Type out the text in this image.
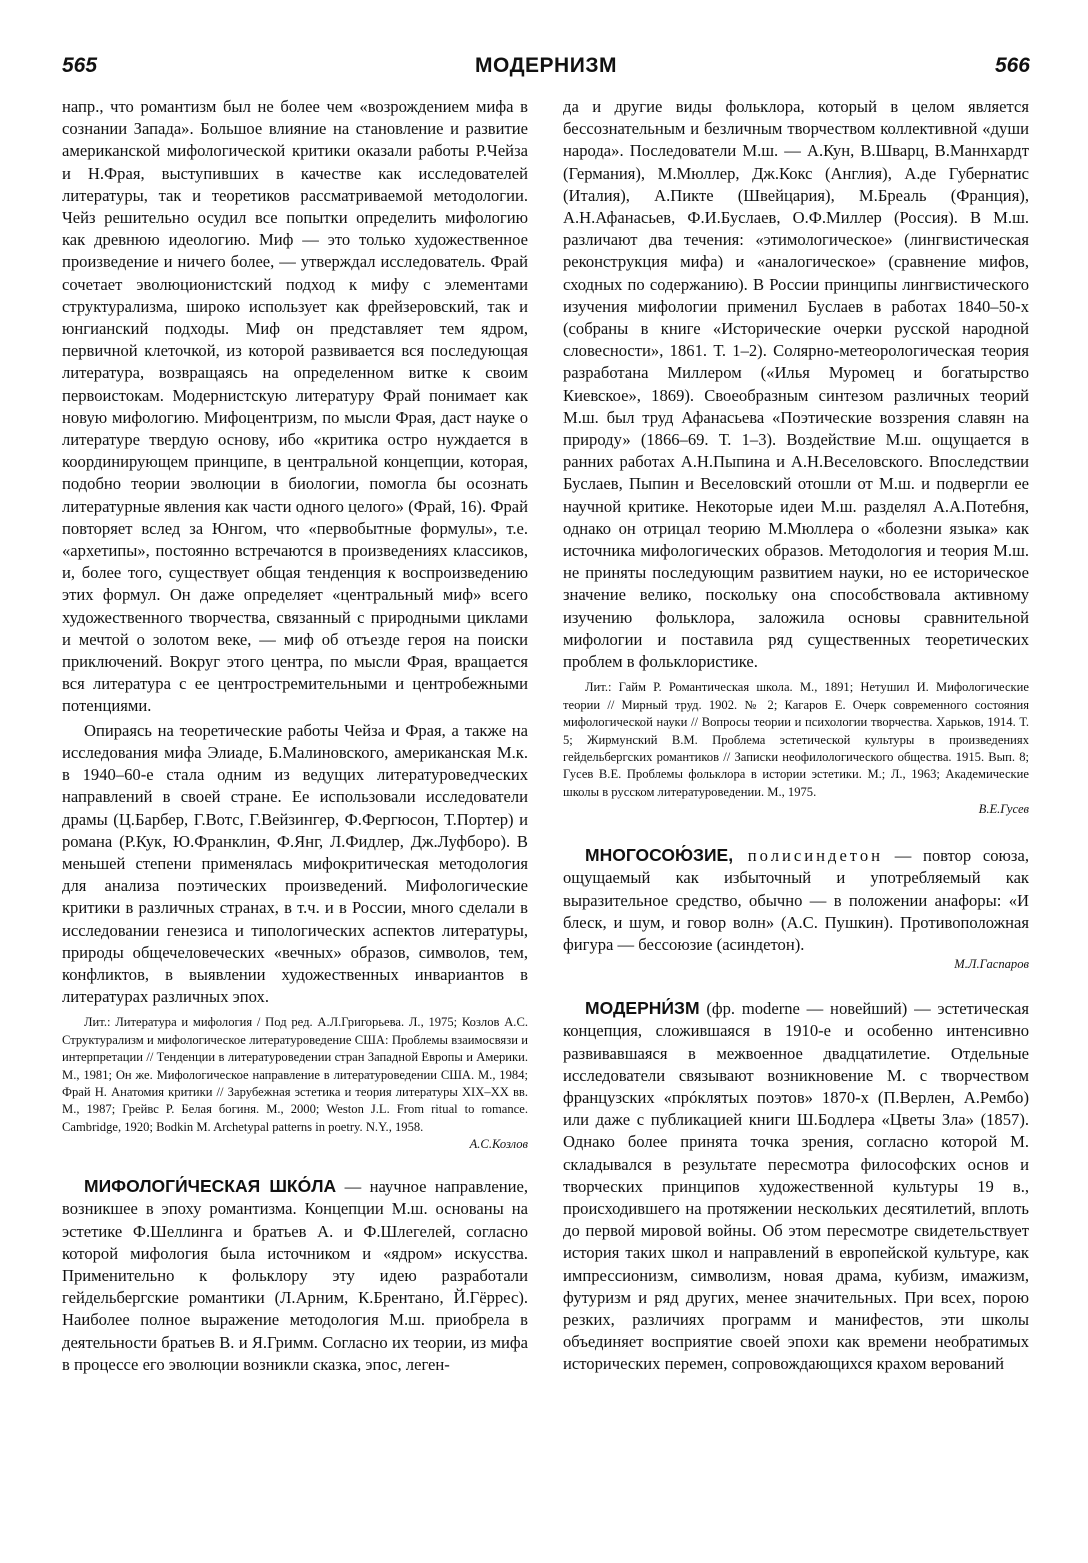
565	МОДЕРНИЗМ	566

напр., что романтизм был не более чем «возрождением мифа в сознании Запада». Большое влияние на становление и развитие американской мифологической критики оказали работы Р.Чейза и Н.Фрая, выступивших в качестве как исследователей литературы, так и теоретиков рассматриваемой методологии. Чейз решительно осудил все попытки определить мифологию как древнюю идеологию. Миф — это только художественное произведение и ничего более, — утверждал исследователь. Фрай сочетает эволюционистский подход к мифу с элементами структурализма, широко использует как фрейзеровский, так и юнгианский подходы. Миф он представляет тем ядром, первичной клеточкой, из которой развивается вся последующая литература, возвращаясь на определенном витке к своим первоистокам. Модернистскую литературу Фрай понимает как новую мифологию. Мифоцентризм, по мысли Фрая, даст науке о литературе твердую основу, ибо «критика остро нуждается в координирующем принципе, в центральной концепции, которая, подобно теории эволюции в биологии, помогла бы осознать литературные явления как части одного целого» (Фрай, 16). Фрай повторяет вслед за Юнгом, что «первобытные формулы», т.е. «архетипы», постоянно встречаются в произведениях классиков, и, более того, существует общая тенденция к воспроизведению этих формул. Он даже определяет «центральный миф» всего художественного творчества, связанный с природными циклами и мечтой о золотом веке, — миф об отъезде героя на поиски приключений. Вокруг этого центра, по мысли Фрая, вращается вся литература с ее центростремительными и центробежными потенциями.

Опираясь на теоретические работы Чейза и Фрая, а также на исследования мифа Элиаде, Б.Малиновского, американская М.к. в 1940–60-е стала одним из ведущих литературоведческих направлений в своей стране. Ее использовали исследователи драмы (Ц.Барбер, Г.Вотс, Г.Вейзингер, Ф.Фергюсон, Т.Портер) и романа (Р.Кук, Ю.Франклин, Ф.Янг, Л.Фидлер, Дж.Луфборо). В меньшей степени применялась мифокритическая методология для анализа поэтических произведений. Мифологические критики в различных странах, в т.ч. и в России, много сделали в исследовании генезиса и типологических аспектов литературы, природы общечеловеческих «вечных» образов, символов, тем, конфликтов, в выявлении художественных инвариантов в литературах различных эпох.

Лит.: Литература и мифология / Под ред. А.Л.Григорьева. Л., 1975; Козлов А.С. Структурализм и мифологическое литературоведение США: Проблемы взаимосвязи и интерпретации // Тенденции в литературоведении стран Западной Европы и Америки. М., 1981; Он же. Мифологическое направление в литературоведении США. М., 1984; Фрай Н. Анатомия критики // Зарубежная эстетика и теория литературы XIX–XX вв. М., 1987; Грейвс Р. Белая богиня. М., 2000; Weston J.L. From ritual to romance. Cambridge, 1920; Bodkin M. Archetypal patterns in poetry. N.Y., 1958.

А.С.Козлов

МИФОЛОГИ́ЧЕСКАЯ ШКО́ЛА — научное направление, возникшее в эпоху романтизма. Концепции М.ш. основаны на эстетике Ф.Шеллинга и братьев А. и Ф.Шлегелей, согласно которой мифология была источником и «ядром» искусства. Применительно к фольклору эту идею разработали гейдельбергские романтики (Л.Арним, К.Брентано, Й.Гёррес). Наиболее полное выражение методология М.ш. приобрела в деятельности братьев В. и Я.Гримм. Согласно их теории, из мифа в процессе его эволюции возникли сказка, эпос, леген-

да и другие виды фольклора, который в целом является бессознательным и безличным творчеством коллективной «души народа». Последователи М.ш. — А.Кун, В.Шварц, В.Маннхардт (Германия), М.Мюллер, Дж.Кокс (Англия), А.де Губернатис (Италия), А.Пикте (Швейцария), М.Бреаль (Франция), А.Н.Афанасьев, Ф.И.Буслаев, О.Ф.Миллер (Россия). В М.ш. различают два течения: «этимологическое» (лингвистическая реконструкция мифа) и «аналогическое» (сравнение мифов, сходных по содержанию). В России принципы лингвистического изучения мифологии применил Буслаев в работах 1840–50-х (собраны в книге «Исторические очерки русской народной словесности», 1861. Т. 1–2). Солярно-метеорологическая теория разработана Миллером («Илья Муромец и богатырство Киевское», 1869). Своеобразным синтезом различных теорий М.ш. был труд Афанасьева «Поэтические воззрения славян на природу» (1866–69. Т. 1–3). Воздействие М.ш. ощущается в ранних работах А.Н.Пыпина и А.Н.Веселовского. Впоследствии Буслаев, Пыпин и Веселовский отошли от М.ш. и подвергли ее научной критике. Некоторые идеи М.ш. разделял А.А.Потебня, однако он отрицал теорию М.Мюллера о «болезни языка» как источника мифологических образов. Методология и теория М.ш. не приняты последующим развитием науки, но ее историческое значение велико, поскольку она способствовала активному изучению фольклора, заложила основы сравнительной мифологии и поставила ряд существенных теоретических проблем в фольклористике.

Лит.: Гайм Р. Романтическая школа. М., 1891; Нетушил И. Мифологические теории // Мирный труд. 1902. № 2; Кагаров Е. Очерк современного состояния мифологической науки // Вопросы теории и психологии творчества. Харьков, 1914. Т. 5; Жирмунский В.М. Проблема эстетической культуры в произведениях гейдельбергских романтиков // Записки неофилологического общества. 1915. Вып. 8; Гусев В.Е. Проблемы фольклора в истории эстетики. М.; Л., 1963; Академические школы в русском литературоведении. М., 1975.

В.Е.Гусев

МНОГОСОЮ́ЗИЕ, полисиндетон — повтор союза, ощущаемый как избыточный и употребляемый как выразительное средство, обычно — в положении анафоры: «И блеск, и шум, и говор волн» (А.С. Пушкин). Противоположная фигура — бессоюзие (асиндетон).

М.Л.Гаспаров

МОДЕРНИ́ЗМ (фр. moderne — новейший) — эстетическая концепция, сложившаяся в 1910-е и особенно интенсивно развивавшаяся в межвоенное двадцатилетие. Отдельные исследователи связывают возникновение М. с творчеством французских «прóклятых поэтов» 1870-х (П.Верлен, А.Рембо) или даже с публикацией книги Ш.Бодлера «Цветы Зла» (1857). Однако более принята точка зрения, согласно которой М. складывался в результате пересмотра философских основ и творческих принципов художественной культуры 19 в., происходившего на протяжении нескольких десятилетий, вплоть до первой мировой войны. Об этом пересмотре свидетельствует история таких школ и направлений в европейской культуре, как импрессионизм, символизм, новая драма, кубизм, имажизм, футуризм и ряд других, менее значительных. При всех, порою резких, различиях программ и манифестов, эти школы объединяет восприятие своей эпохи как времени необратимых исторических перемен, сопровождающихся крахом верований
